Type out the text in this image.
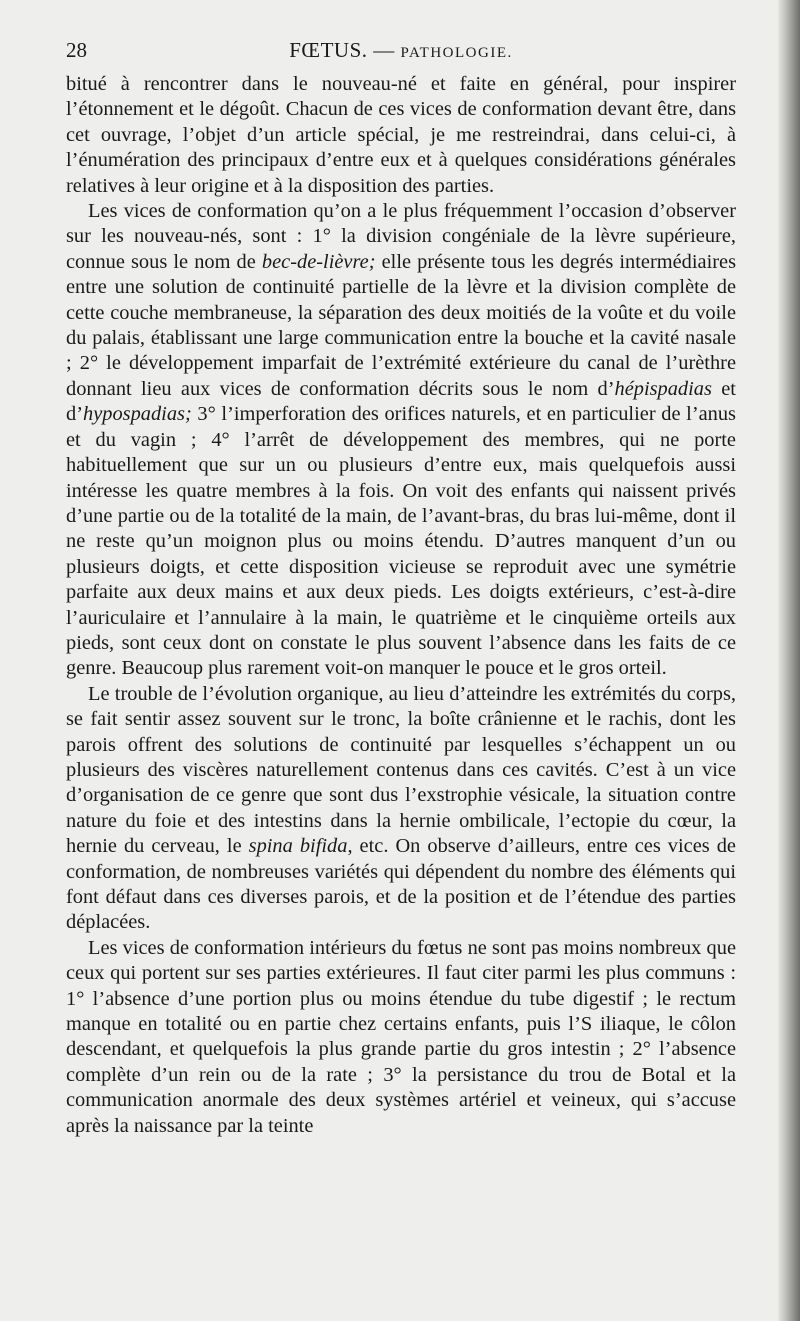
28	FŒTUS. — PATHOLOGIE.

bitué à rencontrer dans le nouveau-né et faite en général, pour inspirer l’étonnement et le dégoût. Chacun de ces vices de conformation devant être, dans cet ouvrage, l’objet d’un article spécial, je me restreindrai, dans celui-ci, à l’énumération des principaux d’entre eux et à quelques considérations générales relatives à leur origine et à la disposition des parties.

Les vices de conformation qu’on a le plus fréquemment l’occasion d’observer sur les nouveau-nés, sont : 1° la division congéniale de la lèvre supérieure, connue sous le nom de bec-de-lièvre; elle présente tous les degrés intermédiaires entre une solution de continuité partielle de la lèvre et la division complète de cette couche membraneuse, la séparation des deux moitiés de la voûte et du voile du palais, établissant une large communication entre la bouche et la cavité nasale ; 2° le développement imparfait de l’extrémité extérieure du canal de l’urèthre donnant lieu aux vices de conformation décrits sous le nom d’hépispadias et d’hypospadias; 3° l’imperforation des orifices naturels, et en particulier de l’anus et du vagin ; 4° l’arrêt de développement des membres, qui ne porte habituellement que sur un ou plusieurs d’entre eux, mais quelquefois aussi intéresse les quatre membres à la fois. On voit des enfants qui naissent privés d’une partie ou de la totalité de la main, de l’avant-bras, du bras lui-même, dont il ne reste qu’un moignon plus ou moins étendu. D’autres manquent d’un ou plusieurs doigts, et cette disposition vicieuse se reproduit avec une symétrie parfaite aux deux mains et aux deux pieds. Les doigts extérieurs, c’est-à-dire l’auriculaire et l’annulaire à la main, le quatrième et le cinquième orteils aux pieds, sont ceux dont on constate le plus souvent l’absence dans les faits de ce genre. Beaucoup plus rarement voit-on manquer le pouce et le gros orteil.

Le trouble de l’évolution organique, au lieu d’atteindre les extrémités du corps, se fait sentir assez souvent sur le tronc, la boîte crânienne et le rachis, dont les parois offrent des solutions de continuité par lesquelles s’échappent un ou plusieurs des viscères naturellement contenus dans ces cavités. C’est à un vice d’organisation de ce genre que sont dus l’exstrophie vésicale, la situation contre nature du foie et des intestins dans la hernie ombilicale, l’ectopie du cœur, la hernie du cerveau, le spina bifida, etc. On observe d’ailleurs, entre ces vices de conformation, de nombreuses variétés qui dépendent du nombre des éléments qui font défaut dans ces diverses parois, et de la position et de l’étendue des parties déplacées.

Les vices de conformation intérieurs du fœtus ne sont pas moins nombreux que ceux qui portent sur ses parties extérieures. Il faut citer parmi les plus communs : 1° l’absence d’une portion plus ou moins étendue du tube digestif ; le rectum manque en totalité ou en partie chez certains enfants, puis l’S iliaque, le côlon descendant, et quelquefois la plus grande partie du gros intestin ; 2° l’absence complète d’un rein ou de la rate ; 3° la persistance du trou de Botal et la communication anormale des deux systèmes artériel et veineux, qui s’accuse après la naissance par la teinte
